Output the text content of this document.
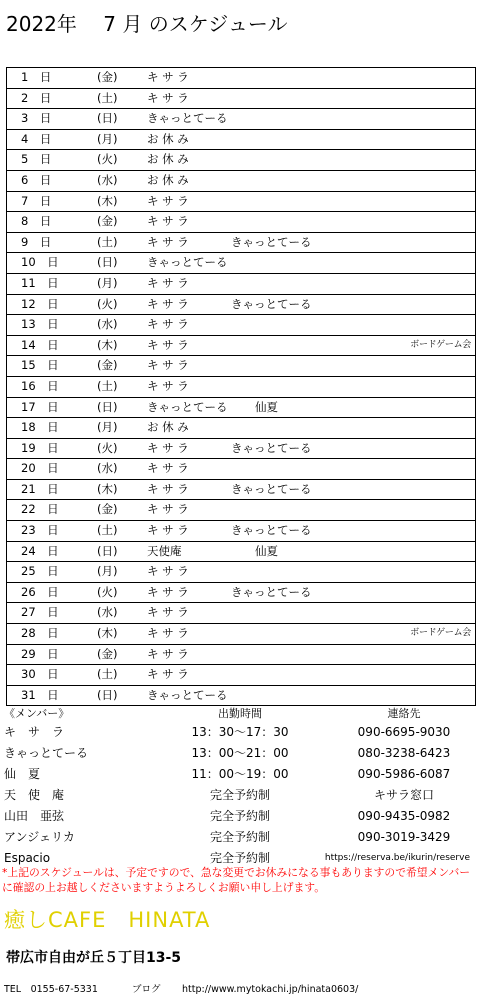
2022年　 7 月 のスケジュール
1　日	(金)	キ サ ラ
2　日	(土)	キ サ ラ
3　日	(日)	きゃっとてーる
4　日	(月)	お 休 み
5　日	(火)	お 休 み
6　日	(水)	お 休 み
7　日	(木)	キ サ ラ
8　日	(金)	キ サ ラ
9　日	(土)	キ サ ラ	きゃっとてーる
10　日	(日)	きゃっとてーる
11　日	(月)	キ サ ラ
12　日	(火)	キ サ ラ	きゃっとてーる
13　日	(水)	キ サ ラ
14　日	(木)	キ サ ラ	ボードゲーム会
15　日	(金)	キ サ ラ
16　日	(土)	キ サ ラ
17　日	(日)	きゃっとてーる 仙夏
18　日	(月)	お 休 み
19　日	(火)	キ サ ラ	きゃっとてーる
20　日	(水)	キ サ ラ
21　日	(木)	キ サ ラ	きゃっとてーる
22　日	(金)	キ サ ラ
23　日	(土)	キ サ ラ	きゃっとてーる
24　日	(日)	天使庵	仙夏
25　日	(月)	キ サ ラ
26　日	(火)	キ サ ラ	きゃっとてーる
27　日	(水)	キ サ ラ
28　日	(木)	キ サ ラ	ボードゲーム会
29　日	(金)	キ サ ラ
30　日	(土)	キ サ ラ
31　日	(日)	きゃっとてーる
《メンバー》	出勤時間	連絡先
キ　サ　ラ	13：30～17：30	090-6695-9030
きゃっとてーる	13：00～21：00	080-3238-6423
仙　夏	11：00～19：00	090-5986-6087
天　使　庵	完全予約制	キサラ窓口
山田　亜弦	完全予約制	090-9435-0982
アンジェリカ	完全予約制	090-3019-3429
Espacio	完全予約制	https://reserva.be/ikurin/reserve
*上記のスケジュールは、予定ですので、急な変更でお休みになる事もありますので希望メンバーに確認の上お越しくださいますようよろしくお願い申し上げます。
癒しCAFE　HINATA
帯広市自由が丘５丁目13-5

TEL　0155-67-5331

	ブログ

http://www.mytokachi.jp/hinata0603/
